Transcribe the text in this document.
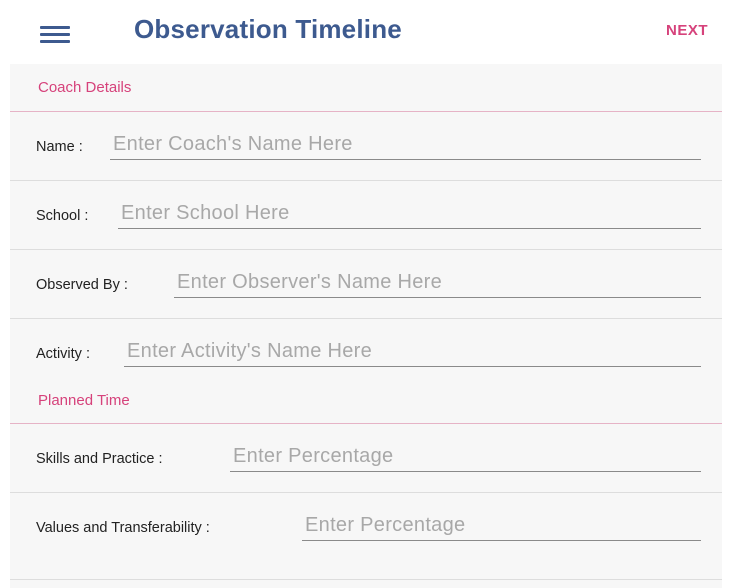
Observation Timeline	NEXT
Coach Details
Name :
Enter Coach's Name Here
School :
Enter School Here
Observed By :
Enter Observer's Name Here
Activity :
Enter Activity's Name Here
Planned Time
Skills and Practice :
Enter Percentage
Values and Transferability :
Enter Percentage
